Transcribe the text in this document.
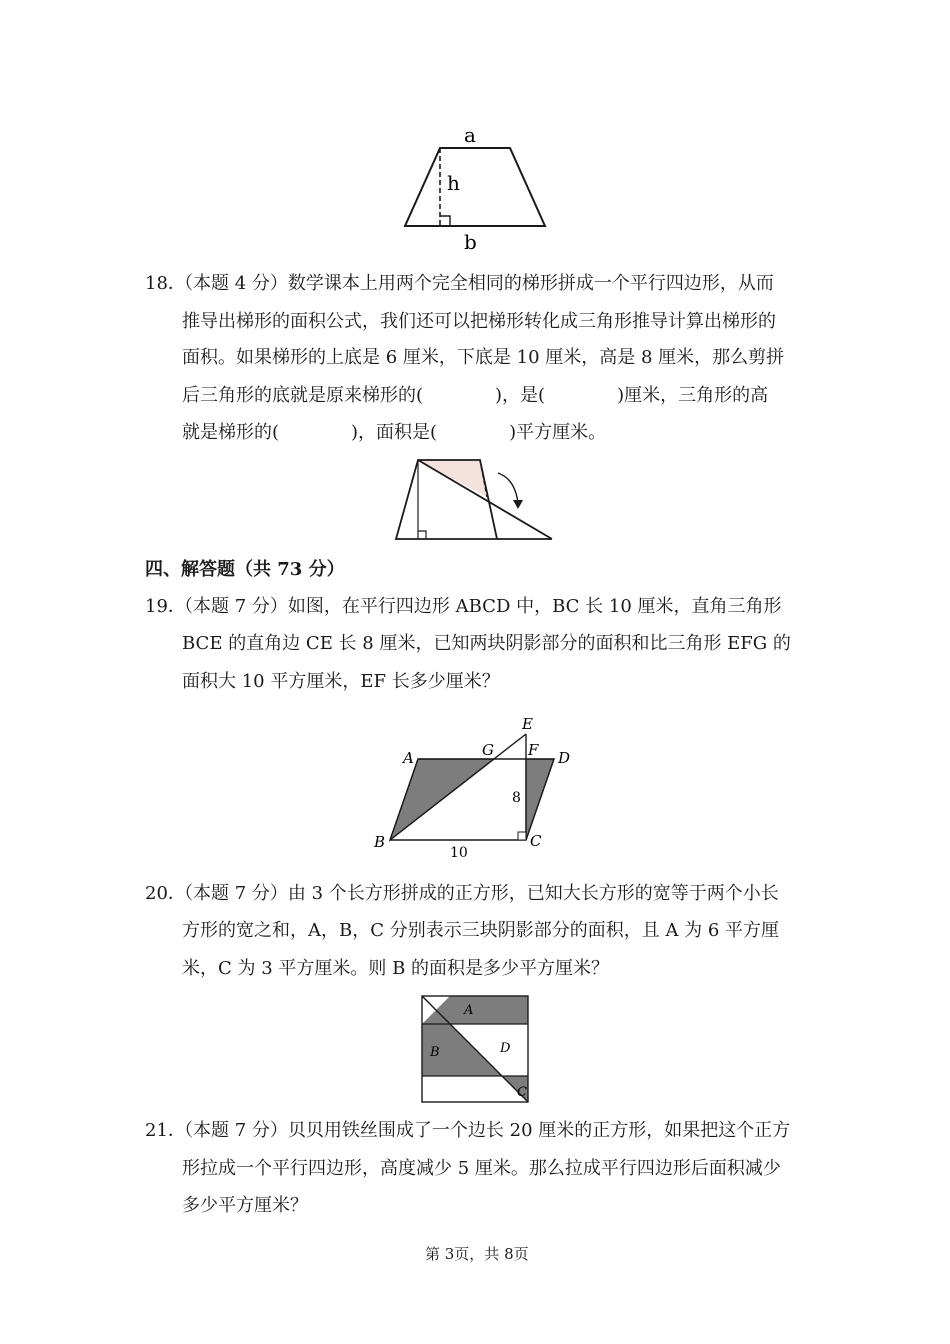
a
h
b
18．
（本题 4 分）数学课本上用两个完全相同的梯形拼成一个平行四边形，从而
推导出梯形的面积公式，我们还可以把梯形转化成三角形推导计算出梯形的
面积。如果梯形的上底是 6 厘米，下底是 10 厘米，高是 8 厘米，那么剪拼
后三角形的底就是原来梯形的(　　　　)，是(　　　　)厘米，三角形的高
就是梯形的(　　　　)，面积是(　　　　)平方厘米。
四、解答题（共 73 分）
19．
（本题 7 分）如图，在平行四边形 ABCD 中，BC 长 10 厘米，直角三角形
BCE 的直角边 CE 长 8 厘米，已知两块阴影部分的面积和比三角形 EFG 的
面积大 10 平方厘米，EF 长多少厘米？
E
A	G F D
8
B	C
10
20．
（本题 7 分）由 3 个长方形拼成的正方形，已知大长方形的宽等于两个小长
方形的宽之和，A，B，C 分别表示三块阴影部分的面积，且 A 为 6 平方厘
米，C 为 3 平方厘米。则 B 的面积是多少平方厘米？
A
B	D
C
21．
（本题 7 分）贝贝用铁丝围成了一个边长 20 厘米的正方形，如果把这个正方
形拉成一个平行四边形，高度减少 5 厘米。那么拉成平行四边形后面积减少
多少平方厘米？
第 3页，共 8页
